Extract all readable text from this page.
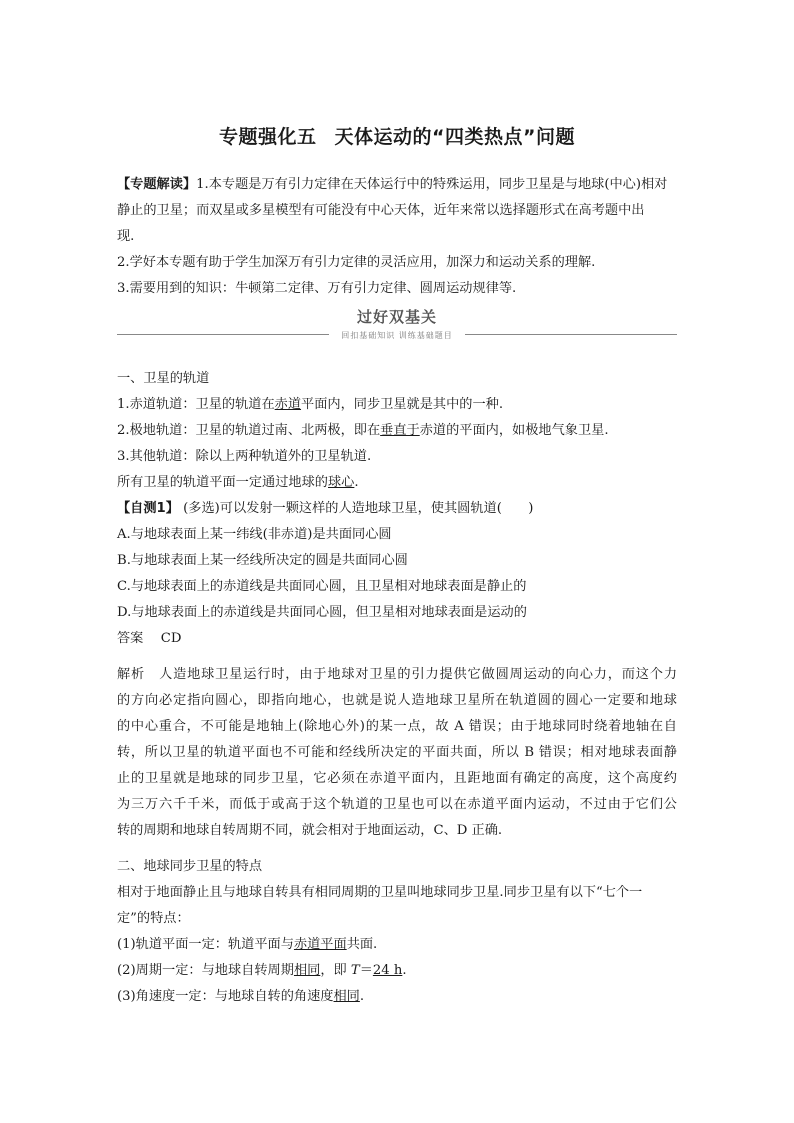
专题强化五 天体运动的“四类热点”问题
【专题解读】1.本专题是万有引力定律在天体运行中的特殊运用，同步卫星是与地球(中心)相对
静止的卫星；而双星或多星模型有可能没有中心天体，近年来常以选择题形式在高考题中出
现.
2.学好本专题有助于学生加深万有引力定律的灵活应用，加深力和运动关系的理解.
3.需要用到的知识：牛顿第二定律、万有引力定律、圆周运动规律等.
过好双基关
回扣基础知识 训练基础题目
一、卫星的轨道
1.赤道轨道：卫星的轨道在赤道平面内，同步卫星就是其中的一种.
2.极地轨道：卫星的轨道过南、北两极，即在垂直于赤道的平面内，如极地气象卫星.
3.其他轨道：除以上两种轨道外的卫星轨道.
所有卫星的轨道平面一定通过地球的球心.
【自测1】 (多选)可以发射一颗这样的人造地球卫星，使其圆轨道(　　)
A.与地球表面上某一纬线(非赤道)是共面同心圆
B.与地球表面上某一经线所决定的圆是共面同心圆
C.与地球表面上的赤道线是共面同心圆，且卫星相对地球表面是静止的
D.与地球表面上的赤道线是共面同心圆，但卫星相对地球表面是运动的
答案　 CD
解析　 人造地球卫星运行时，由于地球对卫星的引力提供它做圆周运动的向心力，而这个力
的方向必定指向圆心，即指向地心，也就是说人造地球卫星所在轨道圆的圆心一定要和地球
的中心重合，不可能是地轴上(除地心外)的某一点，故 A 错误；由于地球同时绕着地轴在自
转，所以卫星的轨道平面也不可能和经线所决定的平面共面，所以 B 错误；相对地球表面静
止的卫星就是地球的同步卫星，它必须在赤道平面内，且距地面有确定的高度，这个高度约
为三万六千千米，而低于或高于这个轨道的卫星也可以在赤道平面内运动，不过由于它们公
转的周期和地球自转周期不同，就会相对于地面运动，C、D 正确.
二、地球同步卫星的特点
相对于地面静止且与地球自转具有相同周期的卫星叫地球同步卫星.同步卫星有以下“七个一
定”的特点：
(1)轨道平面一定：轨道平面与赤道平面共面.
(2)周期一定：与地球自转周期相同，即 T＝24 h.
(3)角速度一定：与地球自转的角速度相同.
